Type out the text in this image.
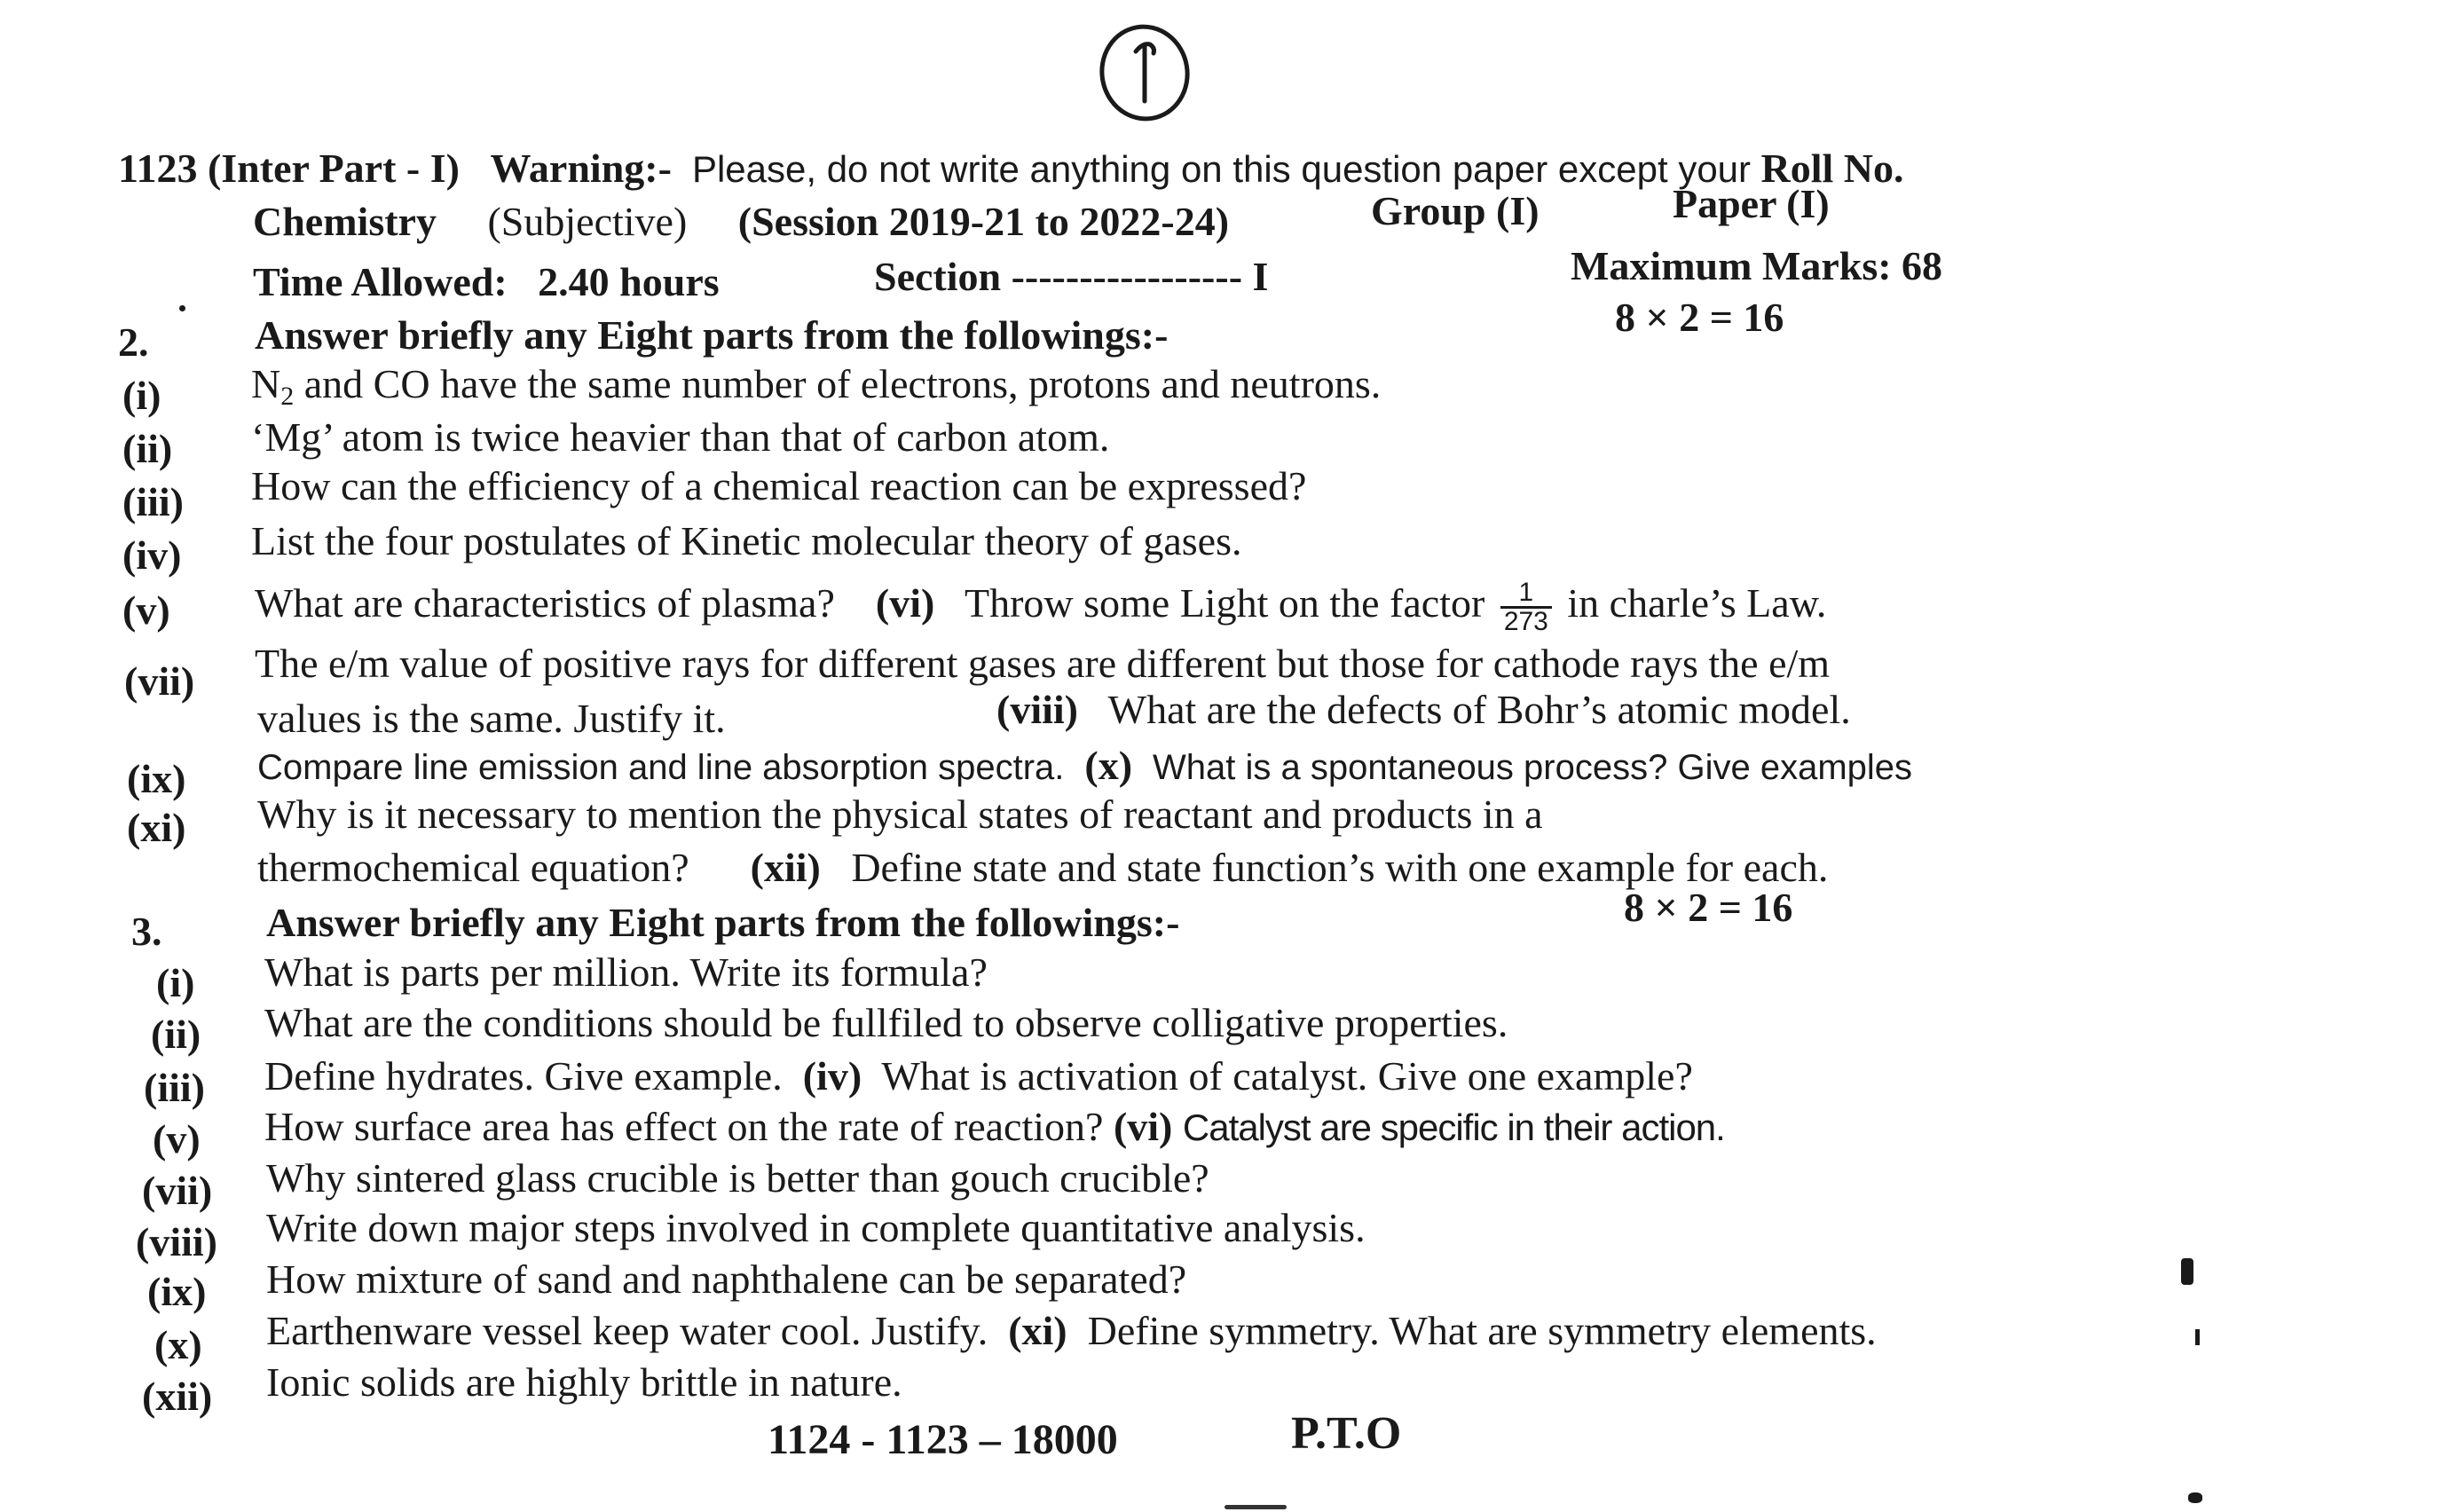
1123 (Inter Part - I) Warning:- Please, do not write anything on this question paper except your Roll No.
Chemistry (Subjective) (Session 2019-21 to 2022-24)	Group (I)	Paper (I)
Time Allowed: 2.40 hours	Section ----------------- I	Maximum Marks: 68
2.	Answer briefly any Eight parts from the followings:-	8 × 2 = 16
(i) $N_2$ and CO have the same number of electrons, protons and neutrons.
(ii) ‘Mg’ atom is twice heavier than that of carbon atom.
(iii) How can the efficiency of a chemical reaction can be expressed?
(iv) List the four postulates of Kinetic molecular theory of gases.
(v) What are characteristics of plasma? (vi) Throw some Light on the factor $\frac{1}{273}$ in charle’s Law.
(vii) The e/m value of positive rays for different gases are different but those for cathode rays the e/m
values is the same. Justify it.	(viii) What are the defects of Bohr’s atomic model.
(ix) Compare line emission and line absorption spectra. (x) What is a spontaneous process? Give examples
(xi) Why is it necessary to mention the physical states of reactant and products in a
thermochemical equation? (xii) Define state and state function’s with one example for each.
3.	Answer briefly any Eight parts from the followings:-	8 × 2 = 16
(i) What is parts per million. Write its formula?
(ii) What are the conditions should be fullfiled to observe colligative properties.
(iii) Define hydrates. Give example. (iv) What is activation of catalyst. Give one example?
(v) How surface area has effect on the rate of reaction? (vi) Catalyst are specific in their action.
(vii) Why sintered glass crucible is better than gouch crucible?
(viii) Write down major steps involved in complete quantitative analysis.
(ix) How mixture of sand and naphthalene can be separated?
(x) Earthenware vessel keep water cool. Justify. (xi) Define symmetry. What are symmetry elements.
(xii) Ionic solids are highly brittle in nature.
1124 - 1123 – 18000	P.T.O
